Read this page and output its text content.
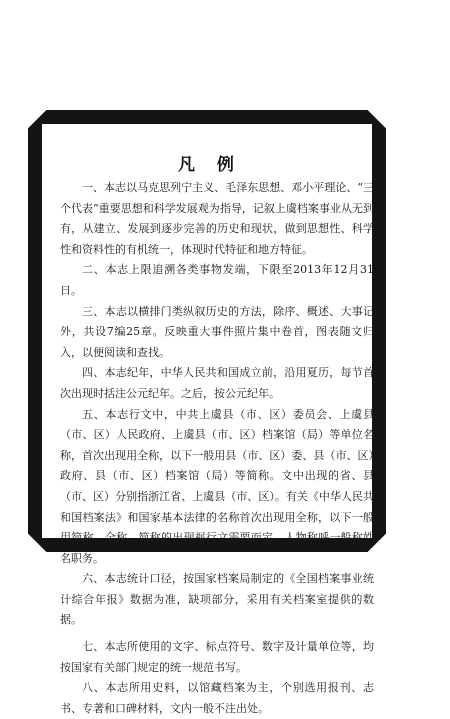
凡 例

一、本志以马克思列宁主义、毛泽东思想、邓小平理论、“三个代表”重要思想和科学发展观为指导，记叙上虞档案事业从无到有，从建立、发展到逐步完善的历史和现状，做到思想性、科学性和资料性的有机统一，体现时代特征和地方特征。

二、本志上限追溯各类事物发端，下限至2013年12月31日。

三、本志以横排门类纵叙历史的方法，除序、概述、大事记外，共设7编25章。反映重大事件照片集中卷首，图表随文归入，以便阅读和查找。

四、本志纪年，中华人民共和国成立前，沿用夏历，每节首次出现时括注公元纪年。之后，按公元纪年。

五、本志行文中，中共上虞县（市、区）委员会、上虞县（市、区）人民政府、上虞县（市、区）档案馆（局）等单位名称，首次出现用全称，以下一般用县（市、区）委、县（市、区）政府、县（市、区）档案馆（局）等简称。文中出现的省、县（市、区）分别指浙江省、上虞县（市、区）。有关《中华人民共和国档案法》和国家基本法律的名称首次出现用全称，以下一般用简称。全称、简称的出现视行文需要而定。人物称呼一般称姓名职务。

六、本志统计口径，按国家档案局制定的《全国档案事业统计综合年报》数据为准，缺项部分，采用有关档案室提供的数据。

七、本志所使用的文字、标点符号、数字及计量单位等，均按国家有关部门规定的统一规范书写。

八、本志所用史料，以馆藏档案为主，个别选用报刊、志书、专著和口碑材料，文内一般不注出处。
